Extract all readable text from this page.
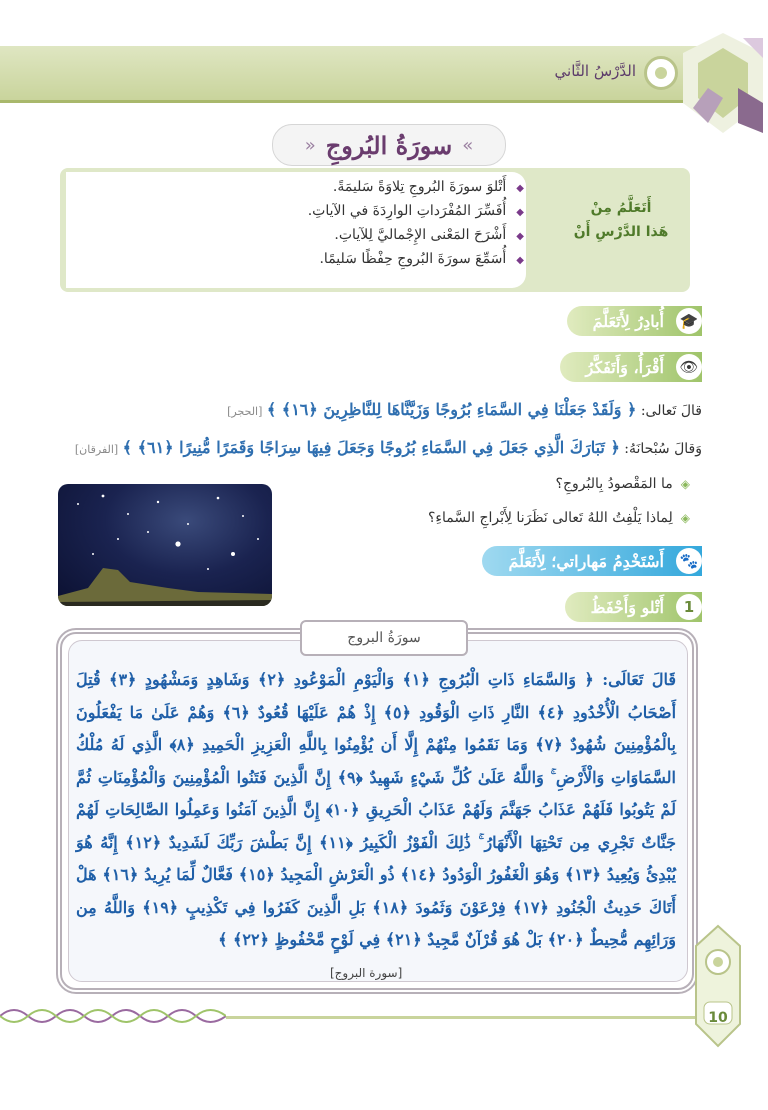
الدَّرْسُ الثَّاني
»
سورَةُ البُروجِ
«
أَتَعَلَّمُ مِنْ
هَذا الدَّرْسِ أَنْ
◆ أَتْلوَ سورَةَ البُروجِ تِلاوَةً سَليمَةً.
◆ أُفَسِّرَ المُفْرَداتِ الوارِدَةَ في الآياتِ.
◆ أَشْرَحَ المَعْنى الإِجْماليَّ لِلآياتِ.
◆ أُسَمِّعَ سورَةَ البُروجِ حِفْظًا سَليمًا.
🎓
أُبادِرُ لِأَتَعَلَّمَ
👁
أَقْرَأُ، وَأَتَفَكَّرُ
قالَ تَعالى: ﴿ وَلَقَدْ جَعَلْنَا فِي السَّمَاءِ بُرُوجًا وَزَيَّنَّاهَا لِلنَّاظِرِينَ ﴿١٦﴾ ﴾ [الحجر]
وَقالَ سُبْحانَهُ: ﴿ تَبَارَكَ الَّذِي جَعَلَ فِي السَّمَاءِ بُرُوجًا وَجَعَلَ فِيهَا سِرَاجًا وَقَمَرًا مُّنِيرًا ﴿٦١﴾ ﴾ [الفرقان]
◈ ما المَقْصودُ بِالبُروجِ؟
◈ لِماذا يَلْفِتُ اللهُ تَعالى نَظَرَنا لِأَبْراجِ السَّماءِ؟
🐾
أَسْتَخْدِمُ مَهاراتي؛ لِأَتَعَلَّمَ
1
أَتْلو وَأَحْفَظُ
سورَةُ البروج
قَالَ تَعَالَى: ﴿ وَالسَّمَاءِ ذَاتِ الْبُرُوجِ ﴿١﴾ وَالْيَوْمِ الْمَوْعُودِ ﴿٢﴾ وَشَاهِدٍ وَمَشْهُودٍ ﴿٣﴾ قُتِلَ أَصْحَابُ الْأُخْدُودِ ﴿٤﴾ النَّارِ ذَاتِ الْوَقُودِ ﴿٥﴾ إِذْ هُمْ عَلَيْهَا قُعُودٌ ﴿٦﴾ وَهُمْ عَلَىٰ مَا يَفْعَلُونَ بِالْمُؤْمِنِينَ شُهُودٌ ﴿٧﴾ وَمَا نَقَمُوا مِنْهُمْ إِلَّا أَن يُؤْمِنُوا بِاللَّهِ الْعَزِيزِ الْحَمِيدِ ﴿٨﴾ الَّذِي لَهُ مُلْكُ السَّمَاوَاتِ وَالْأَرْضِ ۚ وَاللَّهُ عَلَىٰ كُلِّ شَيْءٍ شَهِيدٌ ﴿٩﴾ إِنَّ الَّذِينَ فَتَنُوا الْمُؤْمِنِينَ وَالْمُؤْمِنَاتِ ثُمَّ لَمْ يَتُوبُوا فَلَهُمْ عَذَابُ جَهَنَّمَ وَلَهُمْ عَذَابُ الْحَرِيقِ ﴿١٠﴾ إِنَّ الَّذِينَ آمَنُوا وَعَمِلُوا الصَّالِحَاتِ لَهُمْ جَنَّاتٌ تَجْرِي مِن تَحْتِهَا الْأَنْهَارُ ۚ ذَٰلِكَ الْفَوْزُ الْكَبِيرُ ﴿١١﴾ إِنَّ بَطْشَ رَبِّكَ لَشَدِيدٌ ﴿١٢﴾ إِنَّهُ هُوَ يُبْدِئُ وَيُعِيدُ ﴿١٣﴾ وَهُوَ الْغَفُورُ الْوَدُودُ ﴿١٤﴾ ذُو الْعَرْشِ الْمَجِيدُ ﴿١٥﴾ فَعَّالٌ لِّمَا يُرِيدُ ﴿١٦﴾ هَلْ أَتَاكَ حَدِيثُ الْجُنُودِ ﴿١٧﴾ فِرْعَوْنَ وَثَمُودَ ﴿١٨﴾ بَلِ الَّذِينَ كَفَرُوا فِي تَكْذِيبٍ ﴿١٩﴾ وَاللَّهُ مِن وَرَائِهِم مُّحِيطٌ ﴿٢٠﴾ بَلْ هُوَ قُرْآنٌ مَّجِيدٌ ﴿٢١﴾ فِي لَوْحٍ مَّحْفُوظٍ ﴿٢٢﴾ ﴾
[سورة البروج]
10
